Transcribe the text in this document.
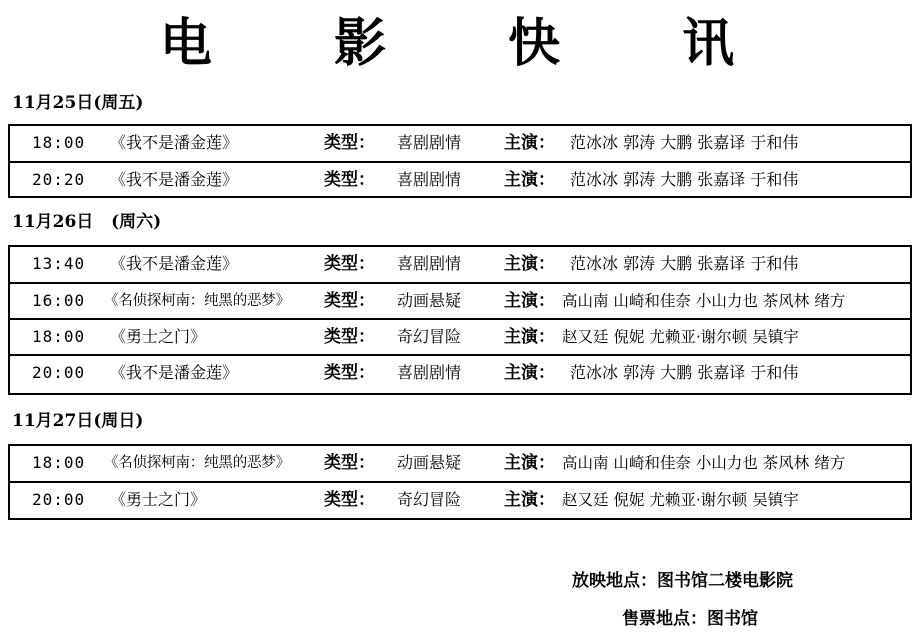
电 影 快 讯
11月25日(周五)
18:00 《我不是潘金莲》	类型： 喜剧剧情	主演： 范冰冰 郭涛 大鹏 张嘉译 于和伟
20:20 《我不是潘金莲》	类型： 喜剧剧情	主演： 范冰冰 郭涛 大鹏 张嘉译 于和伟
11月26日   (周六)
13:40 《我不是潘金莲》	类型： 喜剧剧情	主演： 范冰冰 郭涛 大鹏 张嘉译 于和伟
16:00 《名侦探柯南：纯黑的恶梦》 类型： 动画悬疑	主演： 高山南 山崎和佳奈 小山力也 茶风林 绪方
18:00 《勇士之门》	类型： 奇幻冒险	主演： 赵又廷 倪妮 尤赖亚·谢尔顿 吴镇宇
20:00 《我不是潘金莲》	类型： 喜剧剧情	主演： 范冰冰 郭涛 大鹏 张嘉译 于和伟
11月27日(周日)
18:00 《名侦探柯南：纯黑的恶梦》 类型： 动画悬疑	主演： 高山南 山崎和佳奈 小山力也 茶风林 绪方
20:00 《勇士之门》	类型： 奇幻冒险	主演： 赵又廷 倪妮 尤赖亚·谢尔顿 吴镇宇
放映地点：图书馆二楼电影院
售票地点：图书馆
